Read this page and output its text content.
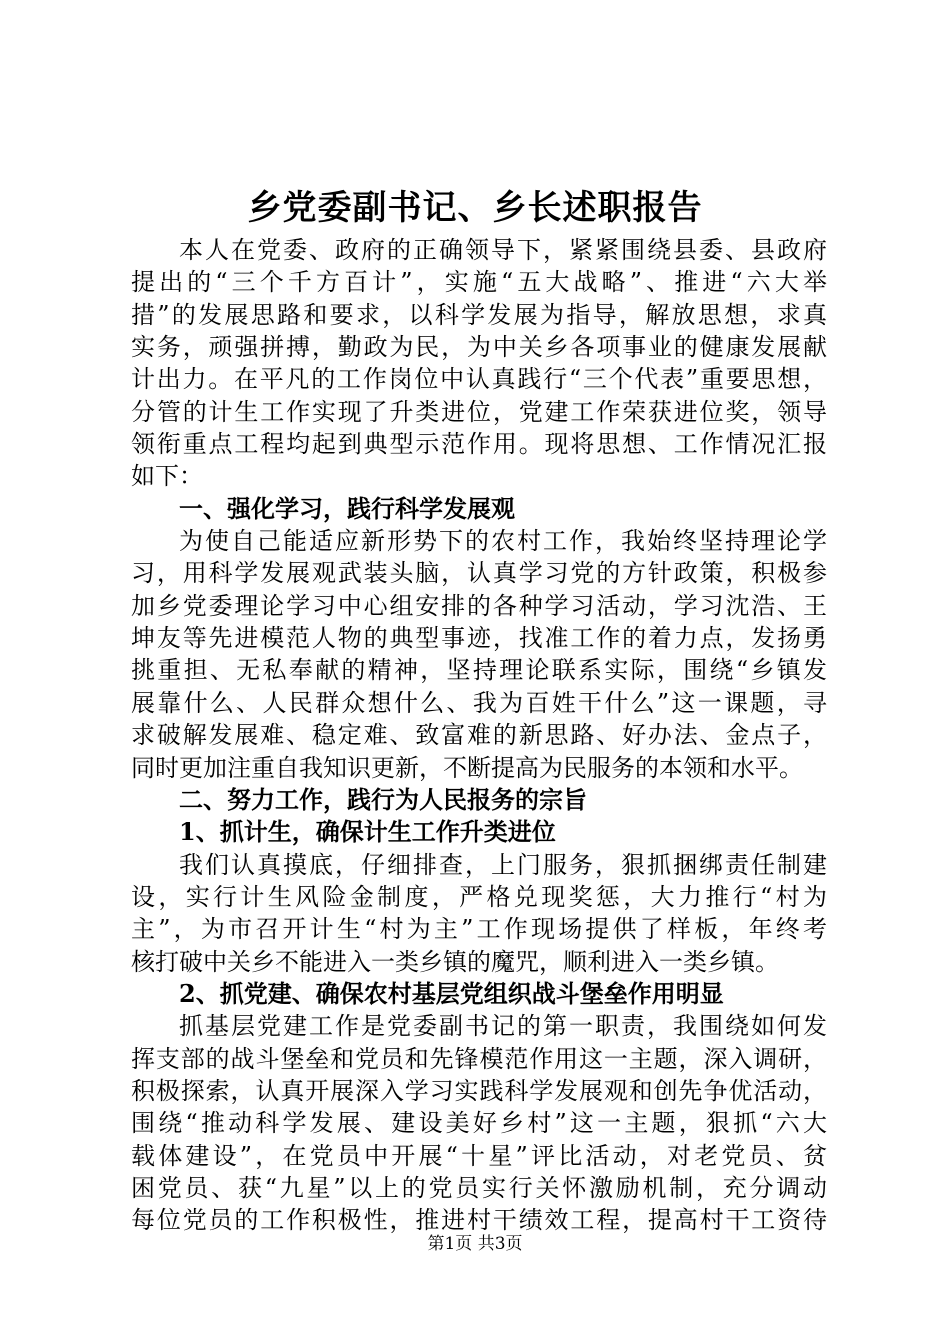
乡党委副书记、乡长述职报告
本人在党委、政府的正确领导下，紧紧围绕县委、县政府
提出的“三个千方百计”，实施“五大战略”、推进“六大举
措”的发展思路和要求，以科学发展为指导，解放思想，求真
实务，顽强拼搏，勤政为民，为中关乡各项事业的健康发展献
计出力。在平凡的工作岗位中认真践行“三个代表”重要思想，
分管的计生工作实现了升类进位，党建工作荣获进位奖，领导
领衔重点工程均起到典型示范作用。现将思想、工作情况汇报
如下：
一、强化学习，践行科学发展观
为使自己能适应新形势下的农村工作，我始终坚持理论学
习，用科学发展观武装头脑，认真学习党的方针政策，积极参
加乡党委理论学习中心组安排的各种学习活动，学习沈浩、王
坤友等先进模范人物的典型事迹，找准工作的着力点，发扬勇
挑重担、无私奉献的精神，坚持理论联系实际，围绕“乡镇发
展靠什么、人民群众想什么、我为百姓干什么”这一课题，寻
求破解发展难、稳定难、致富难的新思路、好办法、金点子，
同时更加注重自我知识更新，不断提高为民服务的本领和水平。
二、努力工作，践行为人民报务的宗旨
1、抓计生，确保计生工作升类进位
我们认真摸底，仔细排查，上门服务，狠抓捆绑责任制建
设，实行计生风险金制度，严格兑现奖惩，大力推行“村为
主”，为市召开计生“村为主”工作现场提供了样板，年终考
核打破中关乡不能进入一类乡镇的魔咒，顺利进入一类乡镇。
2、抓党建、确保农村基层党组织战斗堡垒作用明显
抓基层党建工作是党委副书记的第一职责，我围绕如何发
挥支部的战斗堡垒和党员和先锋模范作用这一主题，深入调研，
积极探索，认真开展深入学习实践科学发展观和创先争优活动，
围绕“推动科学发展、建设美好乡村”这一主题，狠抓“六大
载体建设”，在党员中开展“十星”评比活动，对老党员、贫
困党员、获“九星”以上的党员实行关怀激励机制，充分调动
每位党员的工作积极性，推进村干绩效工程，提高村干工资待
第1页 共3页
